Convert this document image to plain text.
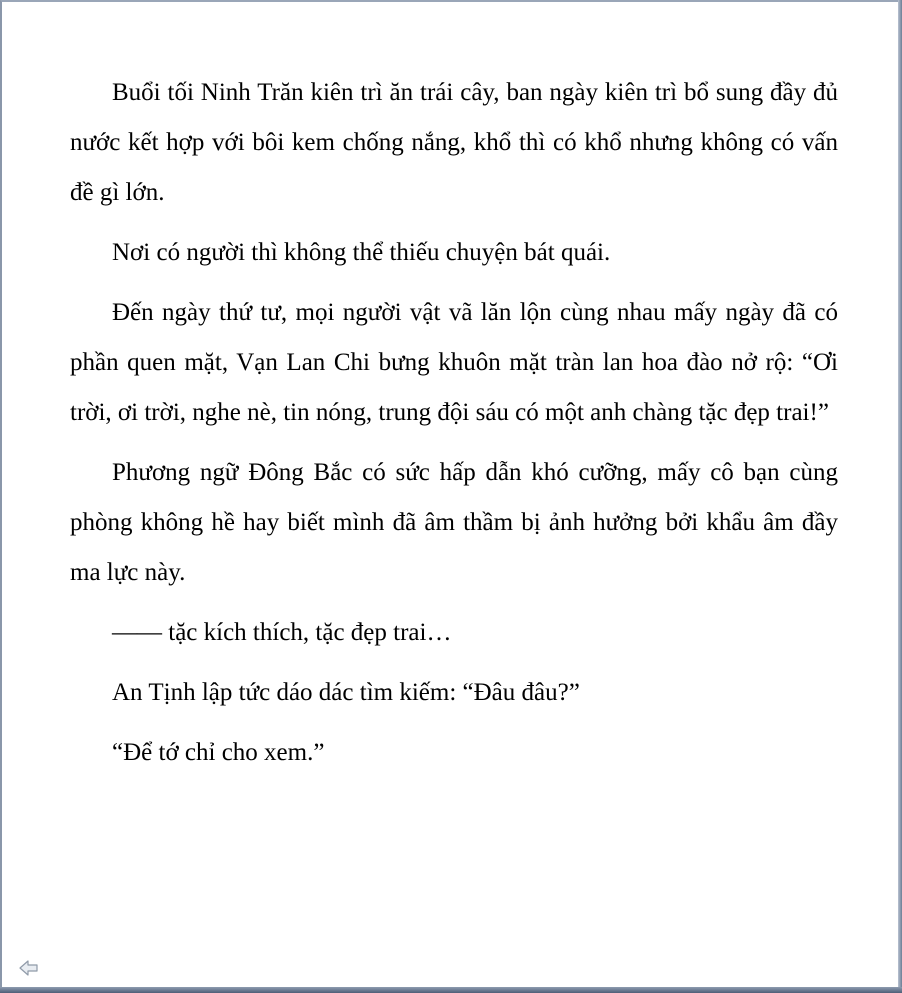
Buổi tối Ninh Trăn kiên trì ăn trái cây, ban ngày kiên trì bổ sung đầy đủ nước kết hợp với bôi kem chống nắng, khổ thì có khổ nhưng không có vấn đề gì lớn.

Nơi có người thì không thể thiếu chuyện bát quái.

Đến ngày thứ tư, mọi người vật vã lăn lộn cùng nhau mấy ngày đã có phần quen mặt, Vạn Lan Chi bưng khuôn mặt tràn lan hoa đào nở rộ: “Ơi trời, ơi trời, nghe nè, tin nóng, trung đội sáu có một anh chàng tặc đẹp trai!”

Phương ngữ Đông Bắc có sức hấp dẫn khó cưỡng, mấy cô bạn cùng phòng không hề hay biết mình đã âm thầm bị ảnh hưởng bởi khẩu âm đầy ma lực này.

—— tặc kích thích, tặc đẹp trai…

An Tịnh lập tức dáo dác tìm kiếm: “Đâu đâu?”

“Để tớ chỉ cho xem.”
